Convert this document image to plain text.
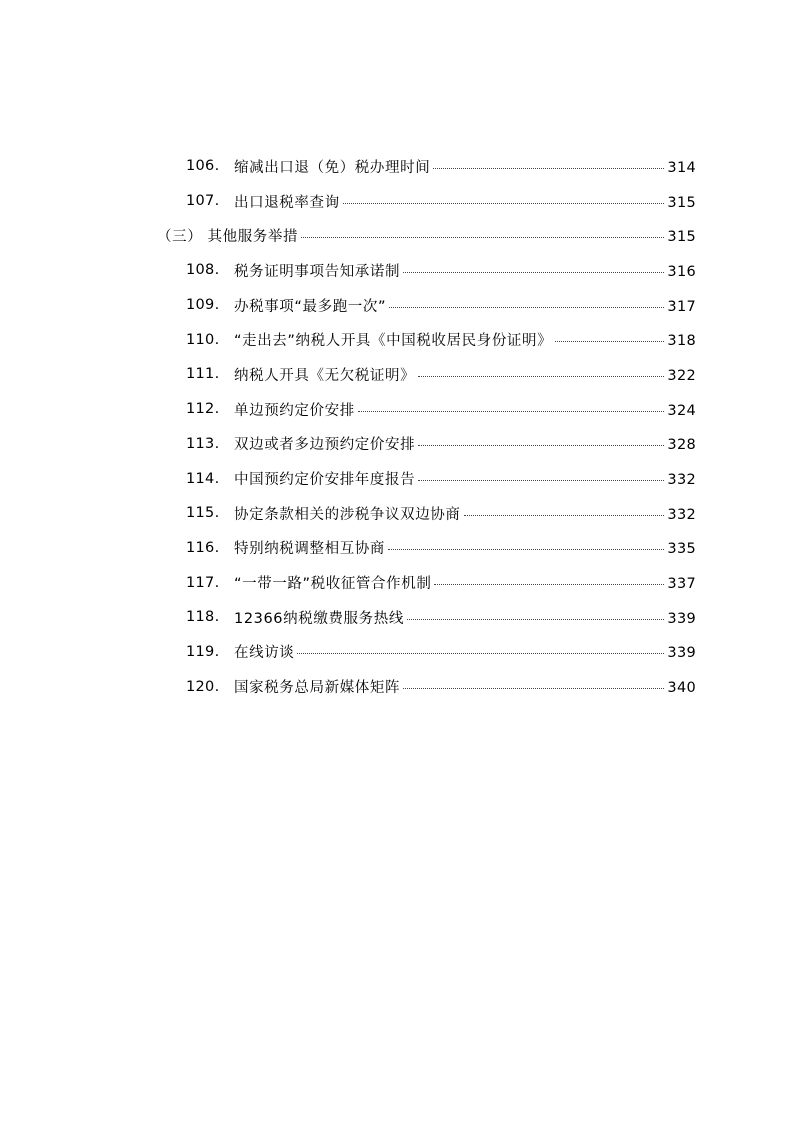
106. 缩减出口退（免）税办理时间	314
107. 出口退税率查询	315
（三） 其他服务举措	315
108. 税务证明事项告知承诺制	316
109. 办税事项“最多跑一次”	317
110. “走出去”纳税人开具《中国税收居民身份证明》	318
111. 纳税人开具《无欠税证明》	322
112. 单边预约定价安排	324
113. 双边或者多边预约定价安排	328
114. 中国预约定价安排年度报告	332
115. 协定条款相关的涉税争议双边协商	332
116. 特别纳税调整相互协商	335
117. “一带一路”税收征管合作机制	337
118. 12366纳税缴费服务热线	339
119. 在线访谈	339
120. 国家税务总局新媒体矩阵	340
